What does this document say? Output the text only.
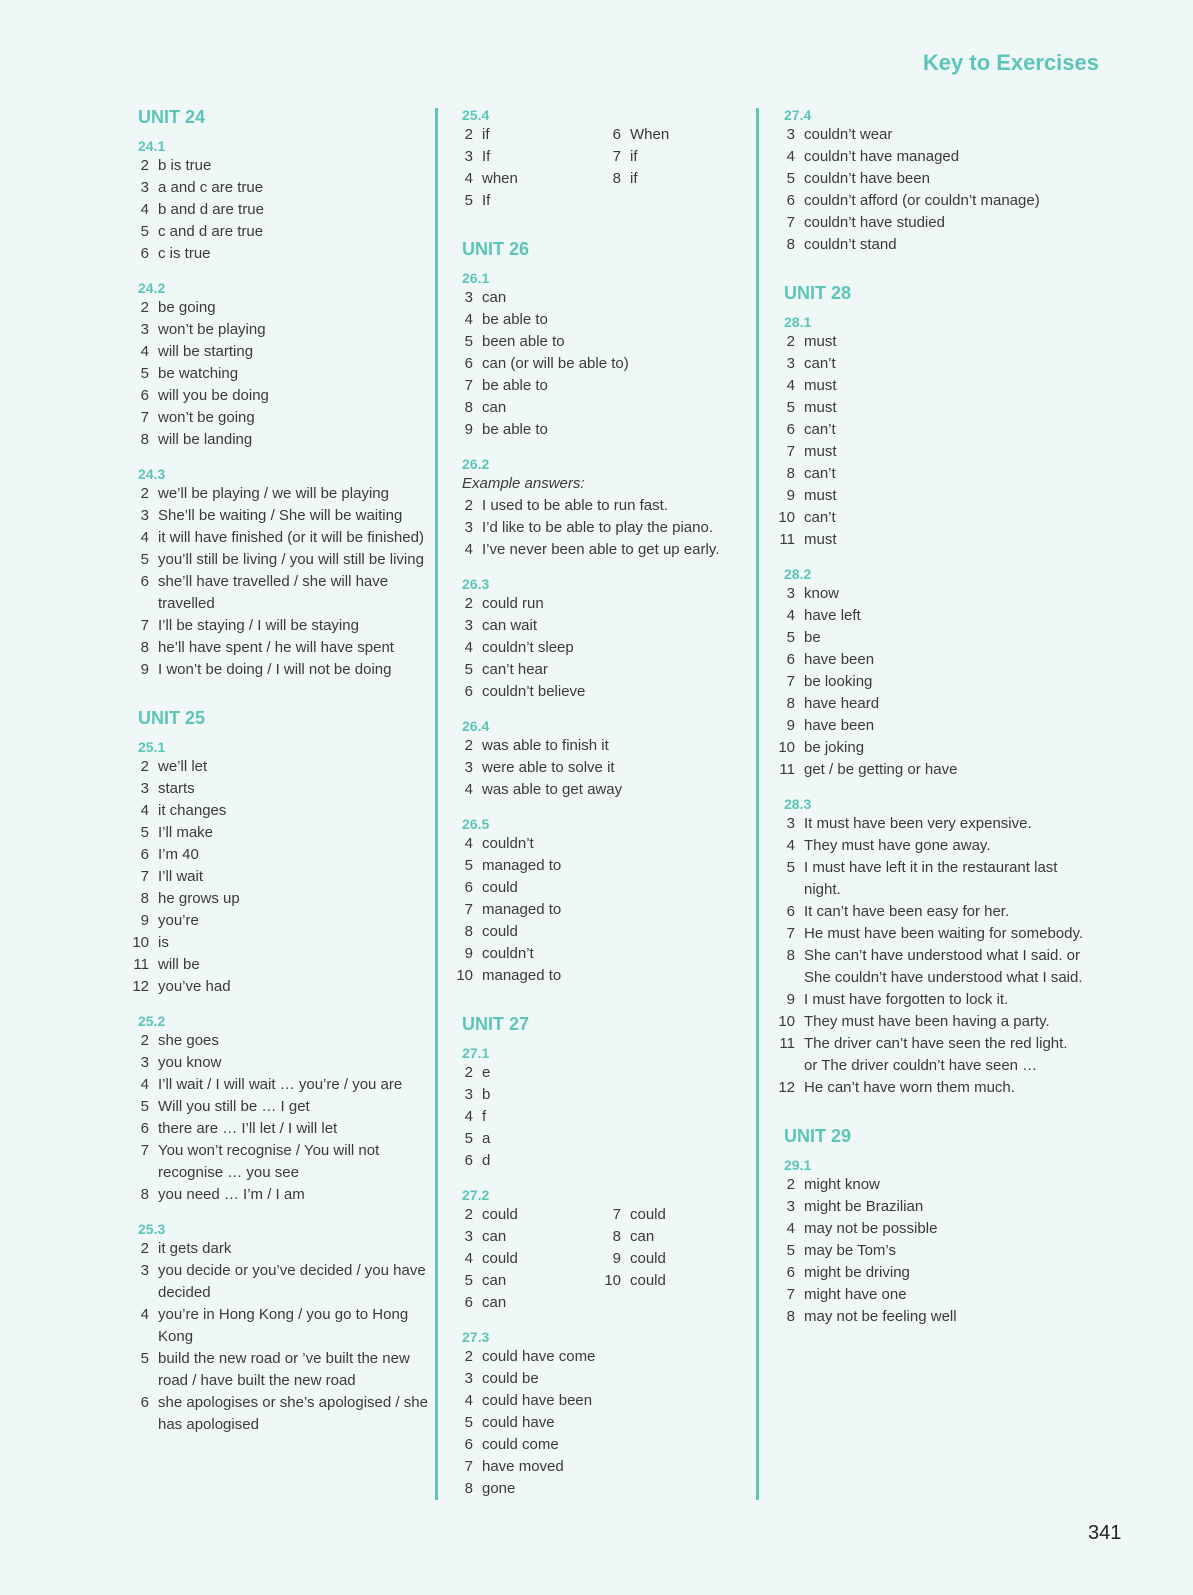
Key to Exercises
UNIT 24
24.1
2 b is true
3 a and c are true
4 b and d are true
5 c and d are true
6 c is true
24.2
2 be going
3 won’t be playing
4 will be starting
5 be watching
6 will you be doing
7 won’t be going
8 will be landing
24.3
2 we’ll be playing / we will be playing
3 She’ll be waiting / She will be waiting
4 it will have finished (or it will be finished)
5 you’ll still be living / you will still be living
6 she’ll have travelled / she will have travelled
7 I’ll be staying / I will be staying
8 he’ll have spent / he will have spent
9 I won’t be doing / I will not be doing
UNIT 25
25.1
2 we’ll let
3 starts
4 it changes
5 I’ll make
6 I’m 40
7 I’ll wait
8 he grows up
9 you’re
10 is
11 will be
12 you’ve had
25.2
2 she goes
3 you know
4 I’ll wait / I will wait … you’re / you are
5 Will you still be … I get
6 there are … I’ll let / I will let
7 You won’t recognise / You will not recognise … you see
8 you need … I’m / I am
25.3
2 it gets dark
3 you decide or you’ve decided / you have decided
4 you’re in Hong Kong / you go to Hong Kong
5 build the new road or ’ve built the new road / have built the new road
6 she apologises or she’s apologised / she has apologised
25.4
2 if
3 If
4 when
5 If
6 When
7 if
8 if
UNIT 26
26.1
3 can
4 be able to
5 been able to
6 can (or will be able to)
7 be able to
8 can
9 be able to
26.2
Example answers:
2 I used to be able to run fast.
3 I’d like to be able to play the piano.
4 I’ve never been able to get up early.
26.3
2 could run
3 can wait
4 couldn’t sleep
5 can’t hear
6 couldn’t believe
26.4
2 was able to finish it
3 were able to solve it
4 was able to get away
26.5
4 couldn’t
5 managed to
6 could
7 managed to
8 could
9 couldn’t
10 managed to
UNIT 27
27.1
2 e
3 b
4 f
5 a
6 d
27.2
2 could
3 can
4 could
5 can
6 can
7 could
8 can
9 could
10 could
27.3
2 could have come
3 could be
4 could have been
5 could have
6 could come
7 have moved
8 gone
27.4
3 couldn’t wear
4 couldn’t have managed
5 couldn’t have been
6 couldn’t afford (or couldn’t manage)
7 couldn’t have studied
8 couldn’t stand
UNIT 28
28.1
2 must
3 can’t
4 must
5 must
6 can’t
7 must
8 can’t
9 must
10 can’t
11 must
28.2
3 know
4 have left
5 be
6 have been
7 be looking
8 have heard
9 have been
10 be joking
11 get / be getting or have
28.3
3 It must have been very expensive.
4 They must have gone away.
5 I must have left it in the restaurant last night.
6 It can’t have been easy for her.
7 He must have been waiting for somebody.
8 She can’t have understood what I said. or She couldn’t have understood what I said.
9 I must have forgotten to lock it.
10 They must have been having a party.
11 The driver can’t have seen the red light. or The driver couldn’t have seen …
12 He can’t have worn them much.
UNIT 29
29.1
2 might know
3 might be Brazilian
4 may not be possible
5 may be Tom’s
6 might be driving
7 might have one
8 may not be feeling well
341
